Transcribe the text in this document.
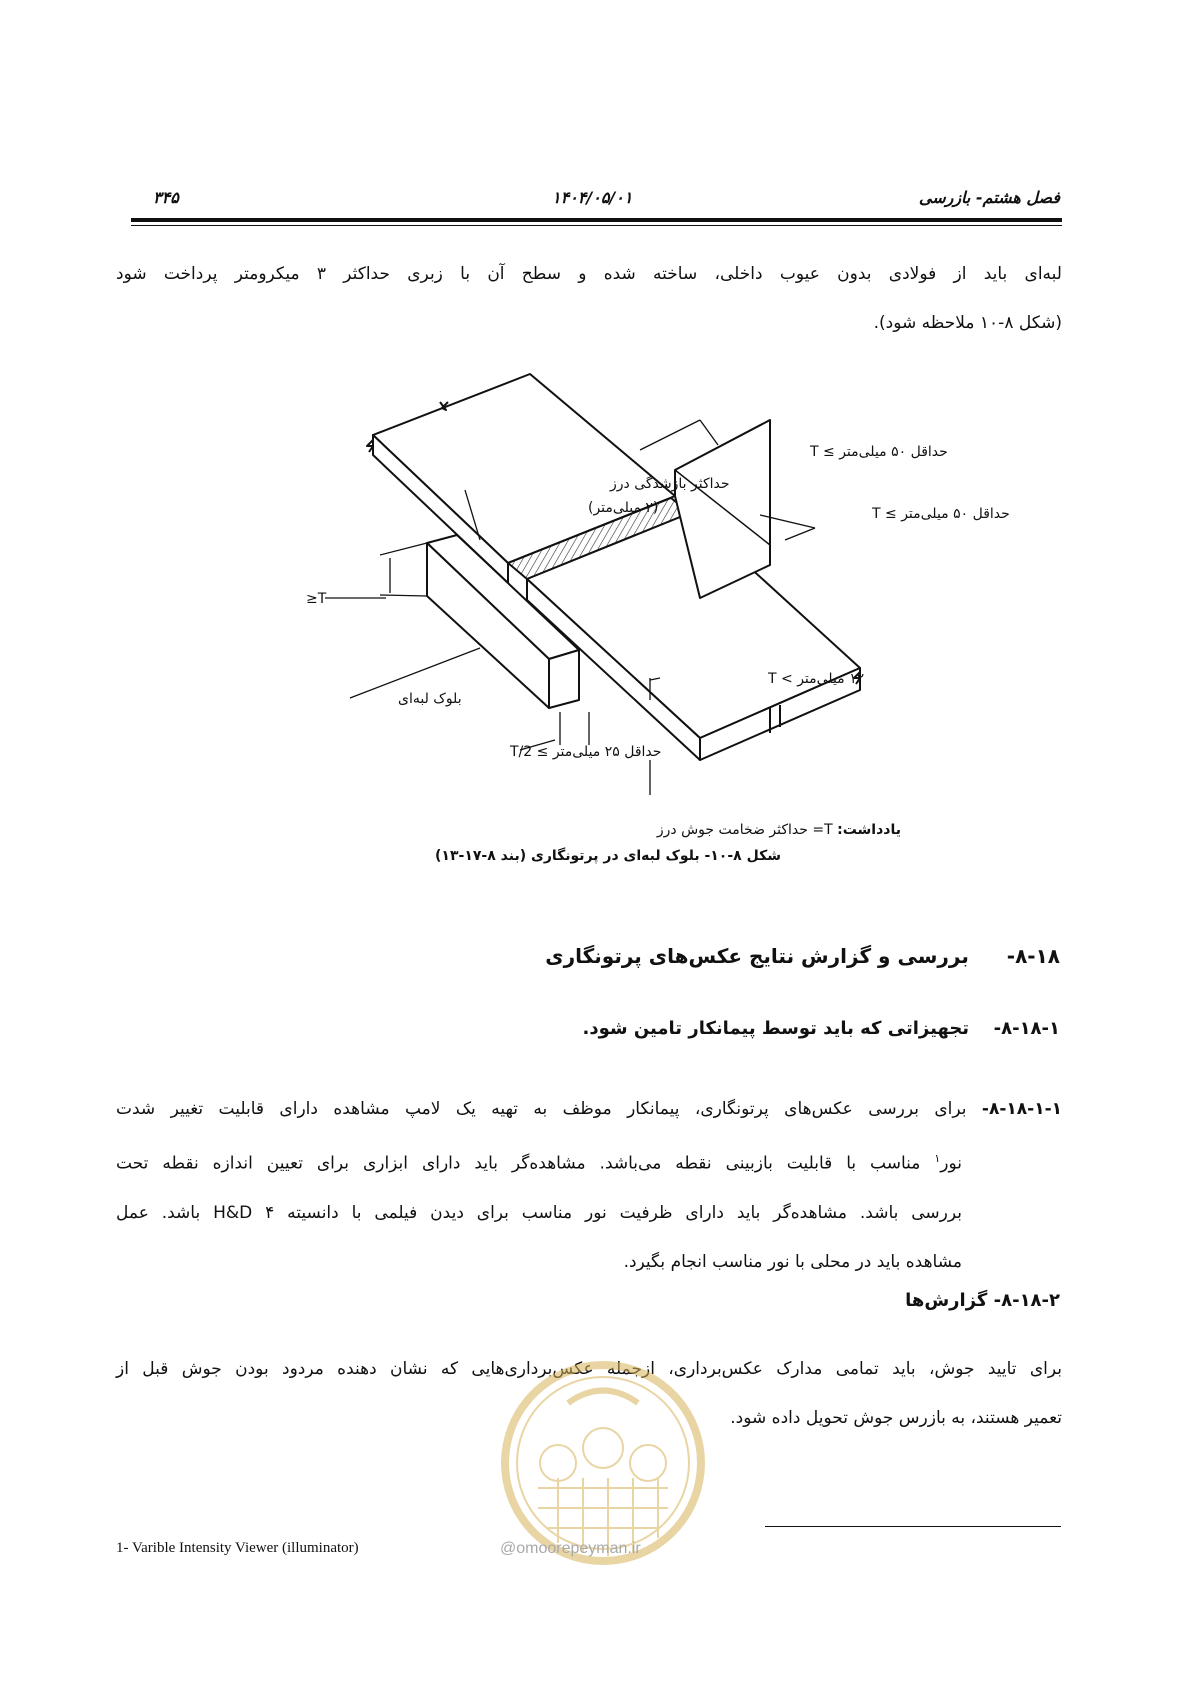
۳۴۵	۱۴۰۴/۰۵/۰۱	فصل هشتم- بازرسی
لبه‌ای باید از فولادی بدون عیوب داخلی، ساخته شده و سطح آن با زبری حداکثر ۳ میکرومتر پرداخت شود
(شکل ۸-۱۰ ملاحظه شود).
حداکثر بازشدگی درز
(۲ میلی‌متر)
حداقل ۵۰ میلی‌متر ≥ T
حداقل ۵۰ میلی‌متر ≥ T
≥T
۱۲ میلی‌متر > T
بلوک لبه‌ای
حداقل ۲۵ میلی‌متر ≥ T/2
یادداشت: T= حداکثر ضخامت جوش درز
شکل ۸-۱۰- بلوک لبه‌ای در پرتونگاری (بند ۸-۱۷-۱۳)
۸-۱۸-  بررسی و گزارش نتایج عکس‌های پرتونگاری
۸-۱۸-۱-  تجهیزاتی که باید توسط پیمانکار تامین شود.
۸-۱۸-۱-۱- برای بررسی عکس‌های پرتونگاری، پیمانکار موظف به تهیه یک لامپ مشاهده دارای قابلیت تغییر شدت
نور$^۱$ مناسب با قابلیت بازبینی نقطه می‌باشد. مشاهده‌گر باید دارای ابزاری برای تعیین اندازه نقطه تحت
بررسی باشد. مشاهده‌گر باید دارای ظرفیت نور مناسب برای دیدن فیلمی با دانسیته H&D ۴ باشد. عمل
مشاهده باید در محلی با نور مناسب انجام بگیرد.
۸-۱۸-۲- گزارش‌ها
برای تایید جوش، باید تمامی مدارک عکس‌برداری، ازجمله عکس‌برداری‌هایی که نشان دهنده مردود بودن جوش قبل از
تعمیر هستند، به بازرس جوش تحویل داده شود.
@omoorepeyman.ir
1- Varible Intensity Viewer (illuminator)
